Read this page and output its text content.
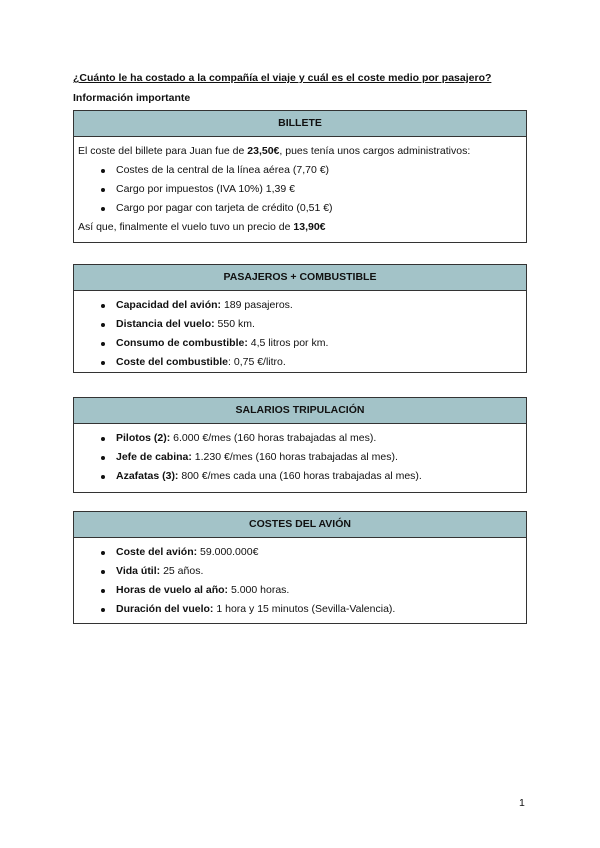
¿Cuánto le ha costado a la compañía el viaje y cuál es el coste medio por pasajero?
Información importante
BILLETE
El coste del billete para Juan fue de 23,50€, pues tenía unos cargos administrativos:
Costes de la central de la línea aérea (7,70 €)
Cargo por impuestos (IVA 10%) 1,39 €
Cargo por pagar con tarjeta de crédito (0,51 €)
Así que, finalmente el vuelo tuvo un precio de 13,90€
PASAJEROS + COMBUSTIBLE
Capacidad del avión: 189 pasajeros.
Distancia del vuelo: 550 km.
Consumo de combustible: 4,5 litros por km.
Coste del combustible: 0,75 €/litro.
SALARIOS TRIPULACIÓN
Pilotos (2): 6.000 €/mes (160 horas trabajadas al mes).
Jefe de cabina: 1.230 €/mes (160 horas trabajadas al mes).
Azafatas (3): 800 €/mes cada una (160 horas trabajadas al mes).
COSTES DEL AVIÓN
Coste del avión: 59.000.000€
Vida útil: 25 años.
Horas de vuelo al año: 5.000 horas.
Duración del vuelo: 1 hora y 15 minutos (Sevilla-Valencia).
1
